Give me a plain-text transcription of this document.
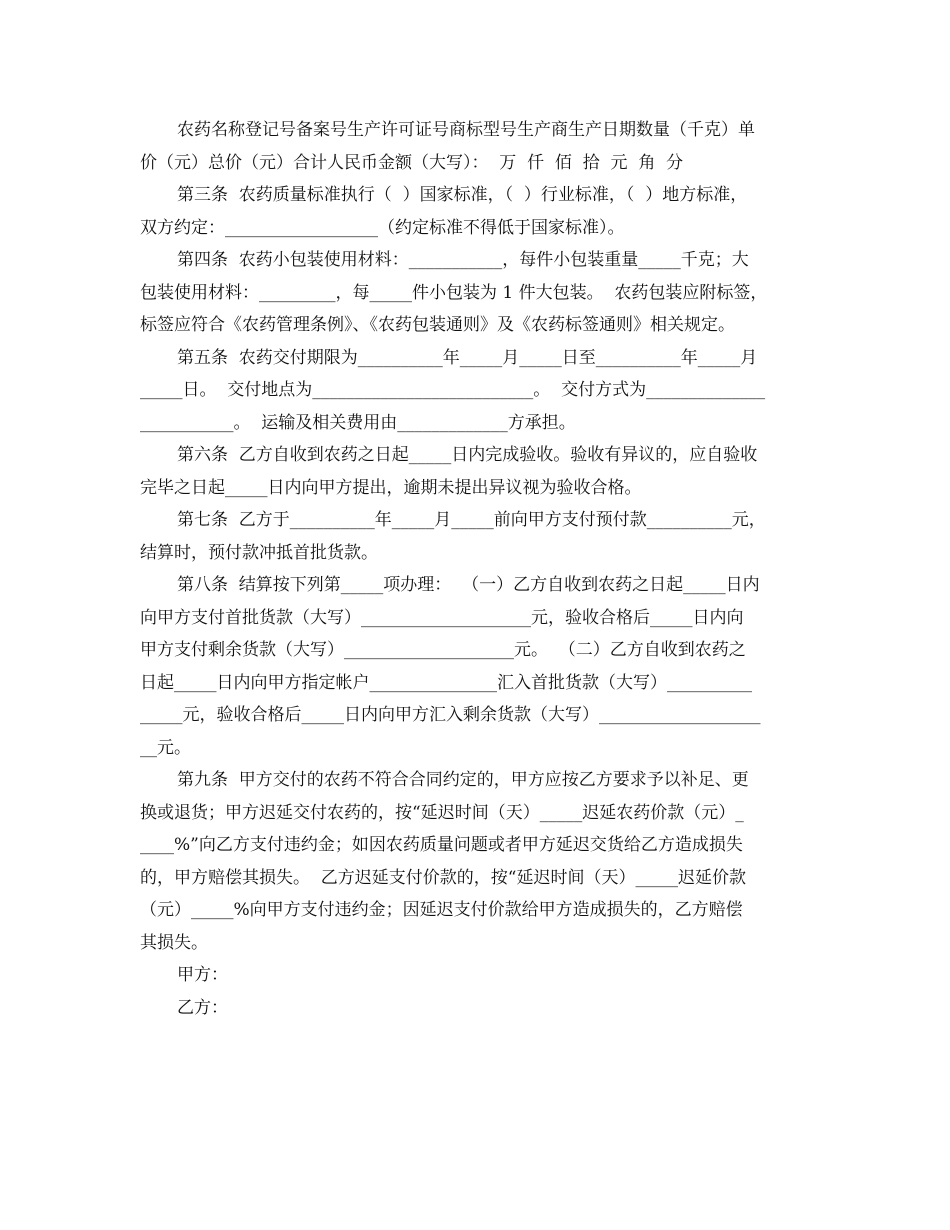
农药名称登记号备案号生产许可证号商标型号生产商生产日期数量（千克）单
价（元）总价（元）合计人民币金额（大写）：  万  仟  佰  拾  元  角  分
第三条  农药质量标准执行（  ）国家标准，（  ）行业标准，（  ）地方标准，
双方约定：__________________（约定标准不得低于国家标准）。
第四条  农药小包装使用材料：___________，每件小包装重量_____千克；大
包装使用材料：_________，每_____件小包装为 1 件大包装。  农药包装应附标签，
标签应符合《农药管理条例》、《农药包装通则》及《农药标签通则》相关规定。
第五条  农药交付期限为__________年_____月_____日至__________年_____月
_____日。  交付地点为__________________________。  交付方式为______________
___________。  运输及相关费用由_____________方承担。
第六条  乙方自收到农药之日起_____日内完成验收。验收有异议的，应自验收
完毕之日起_____日内向甲方提出，逾期未提出异议视为验收合格。
第七条  乙方于__________年_____月_____前向甲方支付预付款__________元，
结算时，预付款冲抵首批货款。
第八条  结算按下列第_____项办理：  （一）乙方自收到农药之日起_____日内
向甲方支付首批货款（大写）____________________元，验收合格后_____日内向
甲方支付剩余货款（大写）____________________元。  （二）乙方自收到农药之
日起_____日内向甲方指定帐户_______________汇入首批货款（大写）__________
_____元，验收合格后_____日内向甲方汇入剩余货款（大写）___________________
__元。
第九条  甲方交付的农药不符合合同约定的，甲方应按乙方要求予以补足、更
换或退货；甲方迟延交付农药的，按“延迟时间（天）_____迟延农药价款（元）_
____%”向乙方支付违约金；如因农药质量问题或者甲方延迟交货给乙方造成损失
的，甲方赔偿其损失。  乙方迟延支付价款的，按“延迟时间（天）_____迟延价款
（元）_____%向甲方支付违约金；因延迟支付价款给甲方造成损失的，乙方赔偿
其损失。
甲方：
乙方：
